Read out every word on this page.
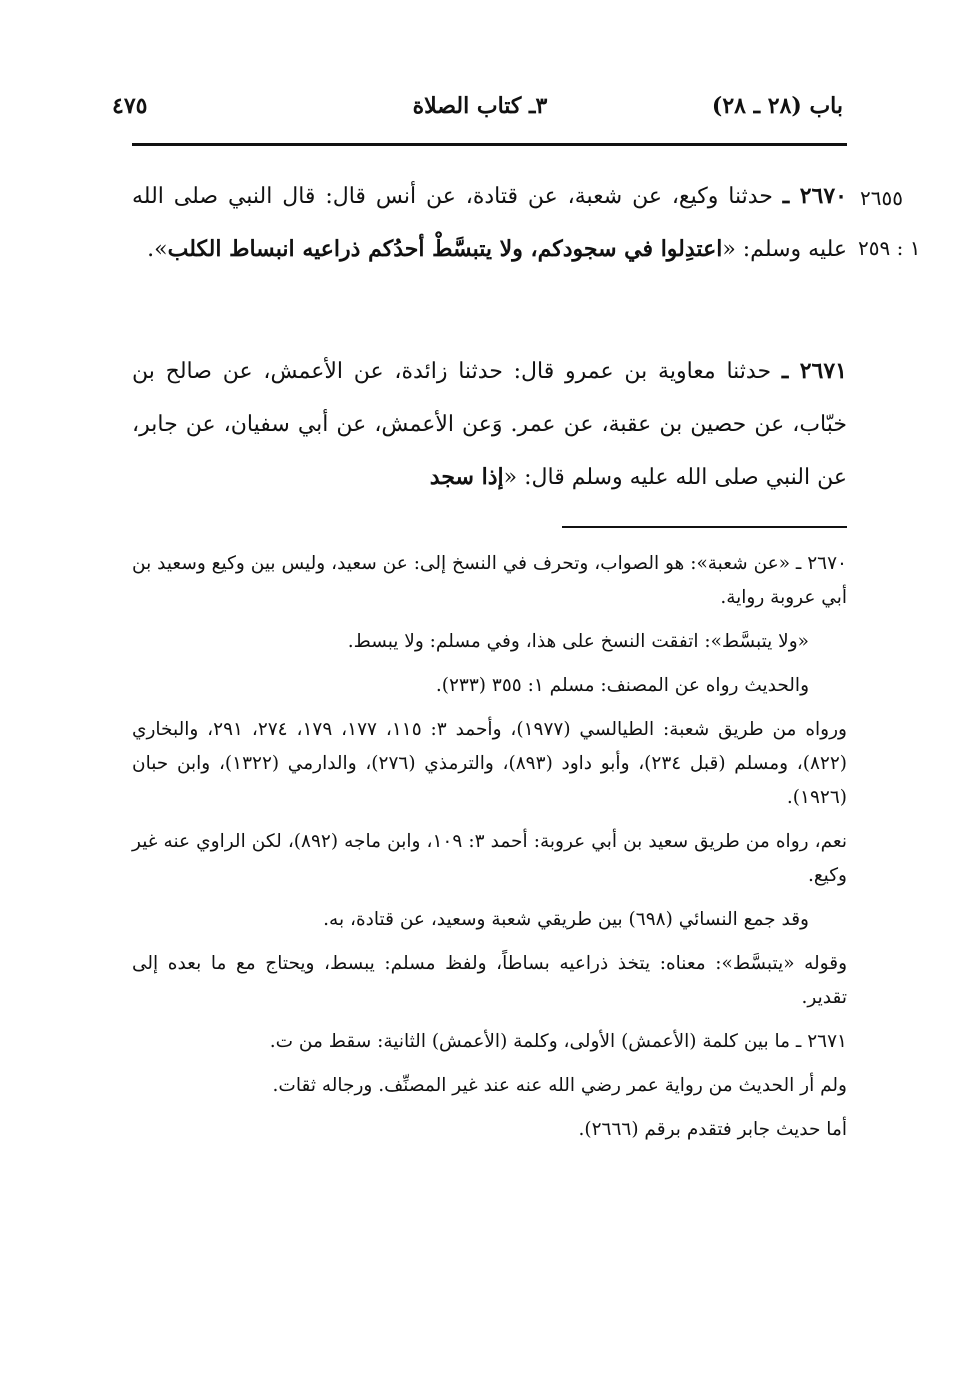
باب (٢٨ ـ ٢٨)
٣ـ كتاب الصلاة
٤٧٥
٢٦٥٥
١ : ٢٥٩

٢٦٧٠ ـ حدثنا وكيع، عن شعبة، عن قتادة، عن أنس قال: قال النبي صلى الله عليه وسلم: «اعتدِلوا في سجودكم، ولا يتبسَّطْ أحدُكم ذراعيه انبساط الكلب».

٢٦٧١ ـ حدثنا معاوية بن عمرو قال: حدثنا زائدة، عن الأعمش، عن صالح بن خبّاب، عن حصين بن عقبة، عن عمر. وَعن الأعمش، عن أبي سفيان، عن جابر، عن النبي صلى الله عليه وسلم قال: «إذا سجد

٢٦٧٠ ـ «عن شعبة»: هو الصواب، وتحرف في النسخ إلى: عن سعيد، وليس بين وكيع وسعيد بن أبي عروبة رواية.

«ولا يتبسَّط»: اتفقت النسخ على هذا، وفي مسلم: ولا يبسط.

والحديث رواه عن المصنف: مسلم ١: ٣٥٥ (٢٣٣).

ورواه من طريق شعبة: الطيالسي (١٩٧٧)، وأحمد ٣: ١١٥، ١٧٧، ١٧٩، ٢٧٤، ٢٩١، والبخاري (٨٢٢)، ومسلم (قبل ٢٣٤)، وأبو داود (٨٩٣)، والترمذي (٢٧٦)، والدارمي (١٣٢٢)، وابن حبان (١٩٢٦).

نعم، رواه من طريق سعيد بن أبي عروبة: أحمد ٣: ١٠٩، وابن ماجه (٨٩٢)، لكن الراوي عنه غير وكيع.

وقد جمع النسائي (٦٩٨) بين طريقي شعبة وسعيد، عن قتادة، به.

وقوله «يتبسَّط»: معناه: يتخذ ذراعيه بساطاً، ولفظ مسلم: يبسط، ويحتاج مع ما بعده إلى تقدير.

٢٦٧١ ـ ما بين كلمة (الأعمش) الأولى، وكلمة (الأعمش) الثانية: سقط من ت.

ولم أر الحديث من رواية عمر رضي الله عنه عند غير المصنِّف. ورجاله ثقات.

أما حديث جابر فتقدم برقم (٢٦٦٦).
